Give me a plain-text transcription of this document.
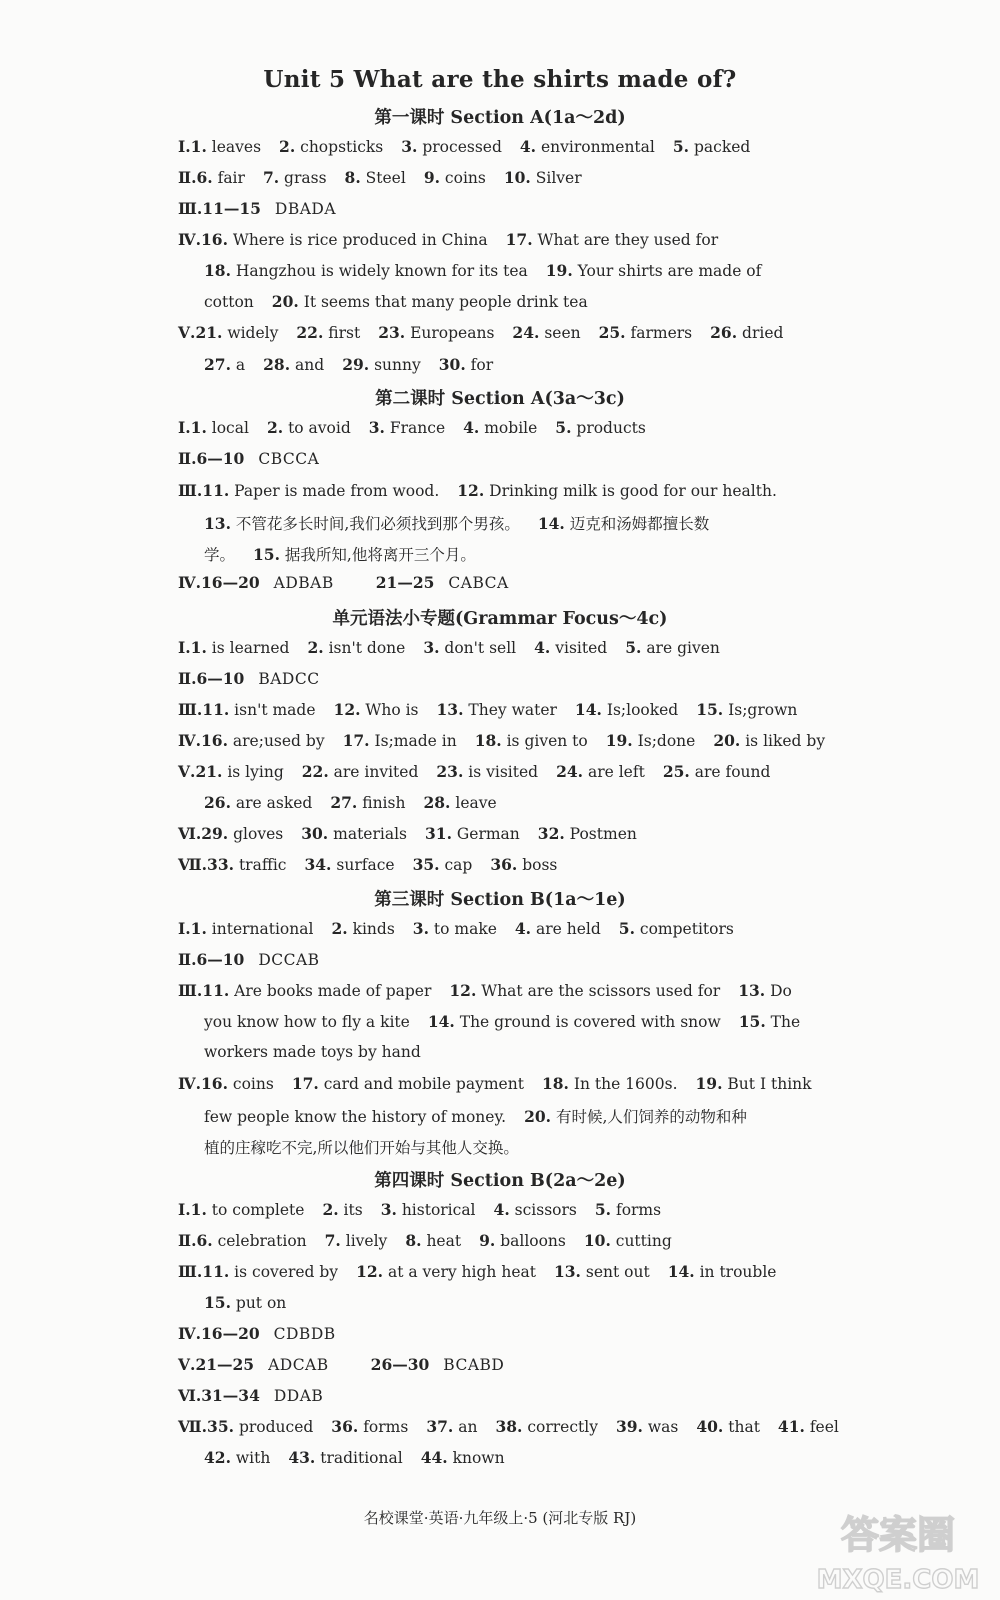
Unit 5 What are the shirts made of?
第一课时 Section A(1a～2d)
Ⅰ.1. leaves 2. chopsticks 3. processed 4. environmental 5. packed
Ⅱ.6. fair 7. grass 8. Steel 9. coins 10. Silver
Ⅲ.11—15 DBADA
Ⅳ.16. Where is rice produced in China 17. What are they used for
18. Hangzhou is widely known for its tea 19. Your shirts are made of
cotton 20. It seems that many people drink tea
Ⅴ.21. widely 22. first 23. Europeans 24. seen 25. farmers 26. dried
27. a 28. and 29. sunny 30. for
第二课时 Section A(3a～3c)
Ⅰ.1. local 2. to avoid 3. France 4. mobile 5. products
Ⅱ.6—10 CBCCA
Ⅲ.11. Paper is made from wood. 12. Drinking milk is good for our health.
13. 不管花多长时间,我们必须找到那个男孩。 14. 迈克和汤姆都擅长数
学。 15. 据我所知,他将离开三个月。
Ⅳ.16—20 ADBAB	21—25 CABCA
单元语法小专题(Grammar Focus～4c)
Ⅰ.1. is learned 2. isn't done 3. don't sell 4. visited 5. are given
Ⅱ.6—10 BADCC
Ⅲ.11. isn't made 12. Who is 13. They water 14. Is;looked 15. Is;grown
Ⅳ.16. are;used by 17. Is;made in 18. is given to 19. Is;done 20. is liked by
Ⅴ.21. is lying 22. are invited 23. is visited 24. are left 25. are found
26. are asked 27. finish 28. leave
Ⅵ.29. gloves 30. materials 31. German 32. Postmen
Ⅶ.33. traffic 34. surface 35. cap 36. boss
第三课时 Section B(1a～1e)
Ⅰ.1. international 2. kinds 3. to make 4. are held 5. competitors
Ⅱ.6—10 DCCAB
Ⅲ.11. Are books made of paper 12. What are the scissors used for 13. Do
you know how to fly a kite 14. The ground is covered with snow 15. The
workers made toys by hand
Ⅳ.16. coins 17. card and mobile payment 18. In the 1600s. 19. But I think
few people know the history of money. 20. 有时候,人们饲养的动物和种
植的庄稼吃不完,所以他们开始与其他人交换。
第四课时 Section B(2a～2e)
Ⅰ.1. to complete 2. its 3. historical 4. scissors 5. forms
Ⅱ.6. celebration 7. lively 8. heat 9. balloons 10. cutting
Ⅲ.11. is covered by 12. at a very high heat 13. sent out 14. in trouble
15. put on
Ⅳ.16—20 CDBDB
Ⅴ.21—25 ADCAB	26—30 BCABD
Ⅵ.31—34 DDAB
Ⅶ.35. produced 36. forms 37. an 38. correctly 39. was 40. that 41. feel
42. with 43. traditional 44. known
名校课堂·英语·九年级上·5 (河北专版 RJ)	答案圈
MXQE.COM
